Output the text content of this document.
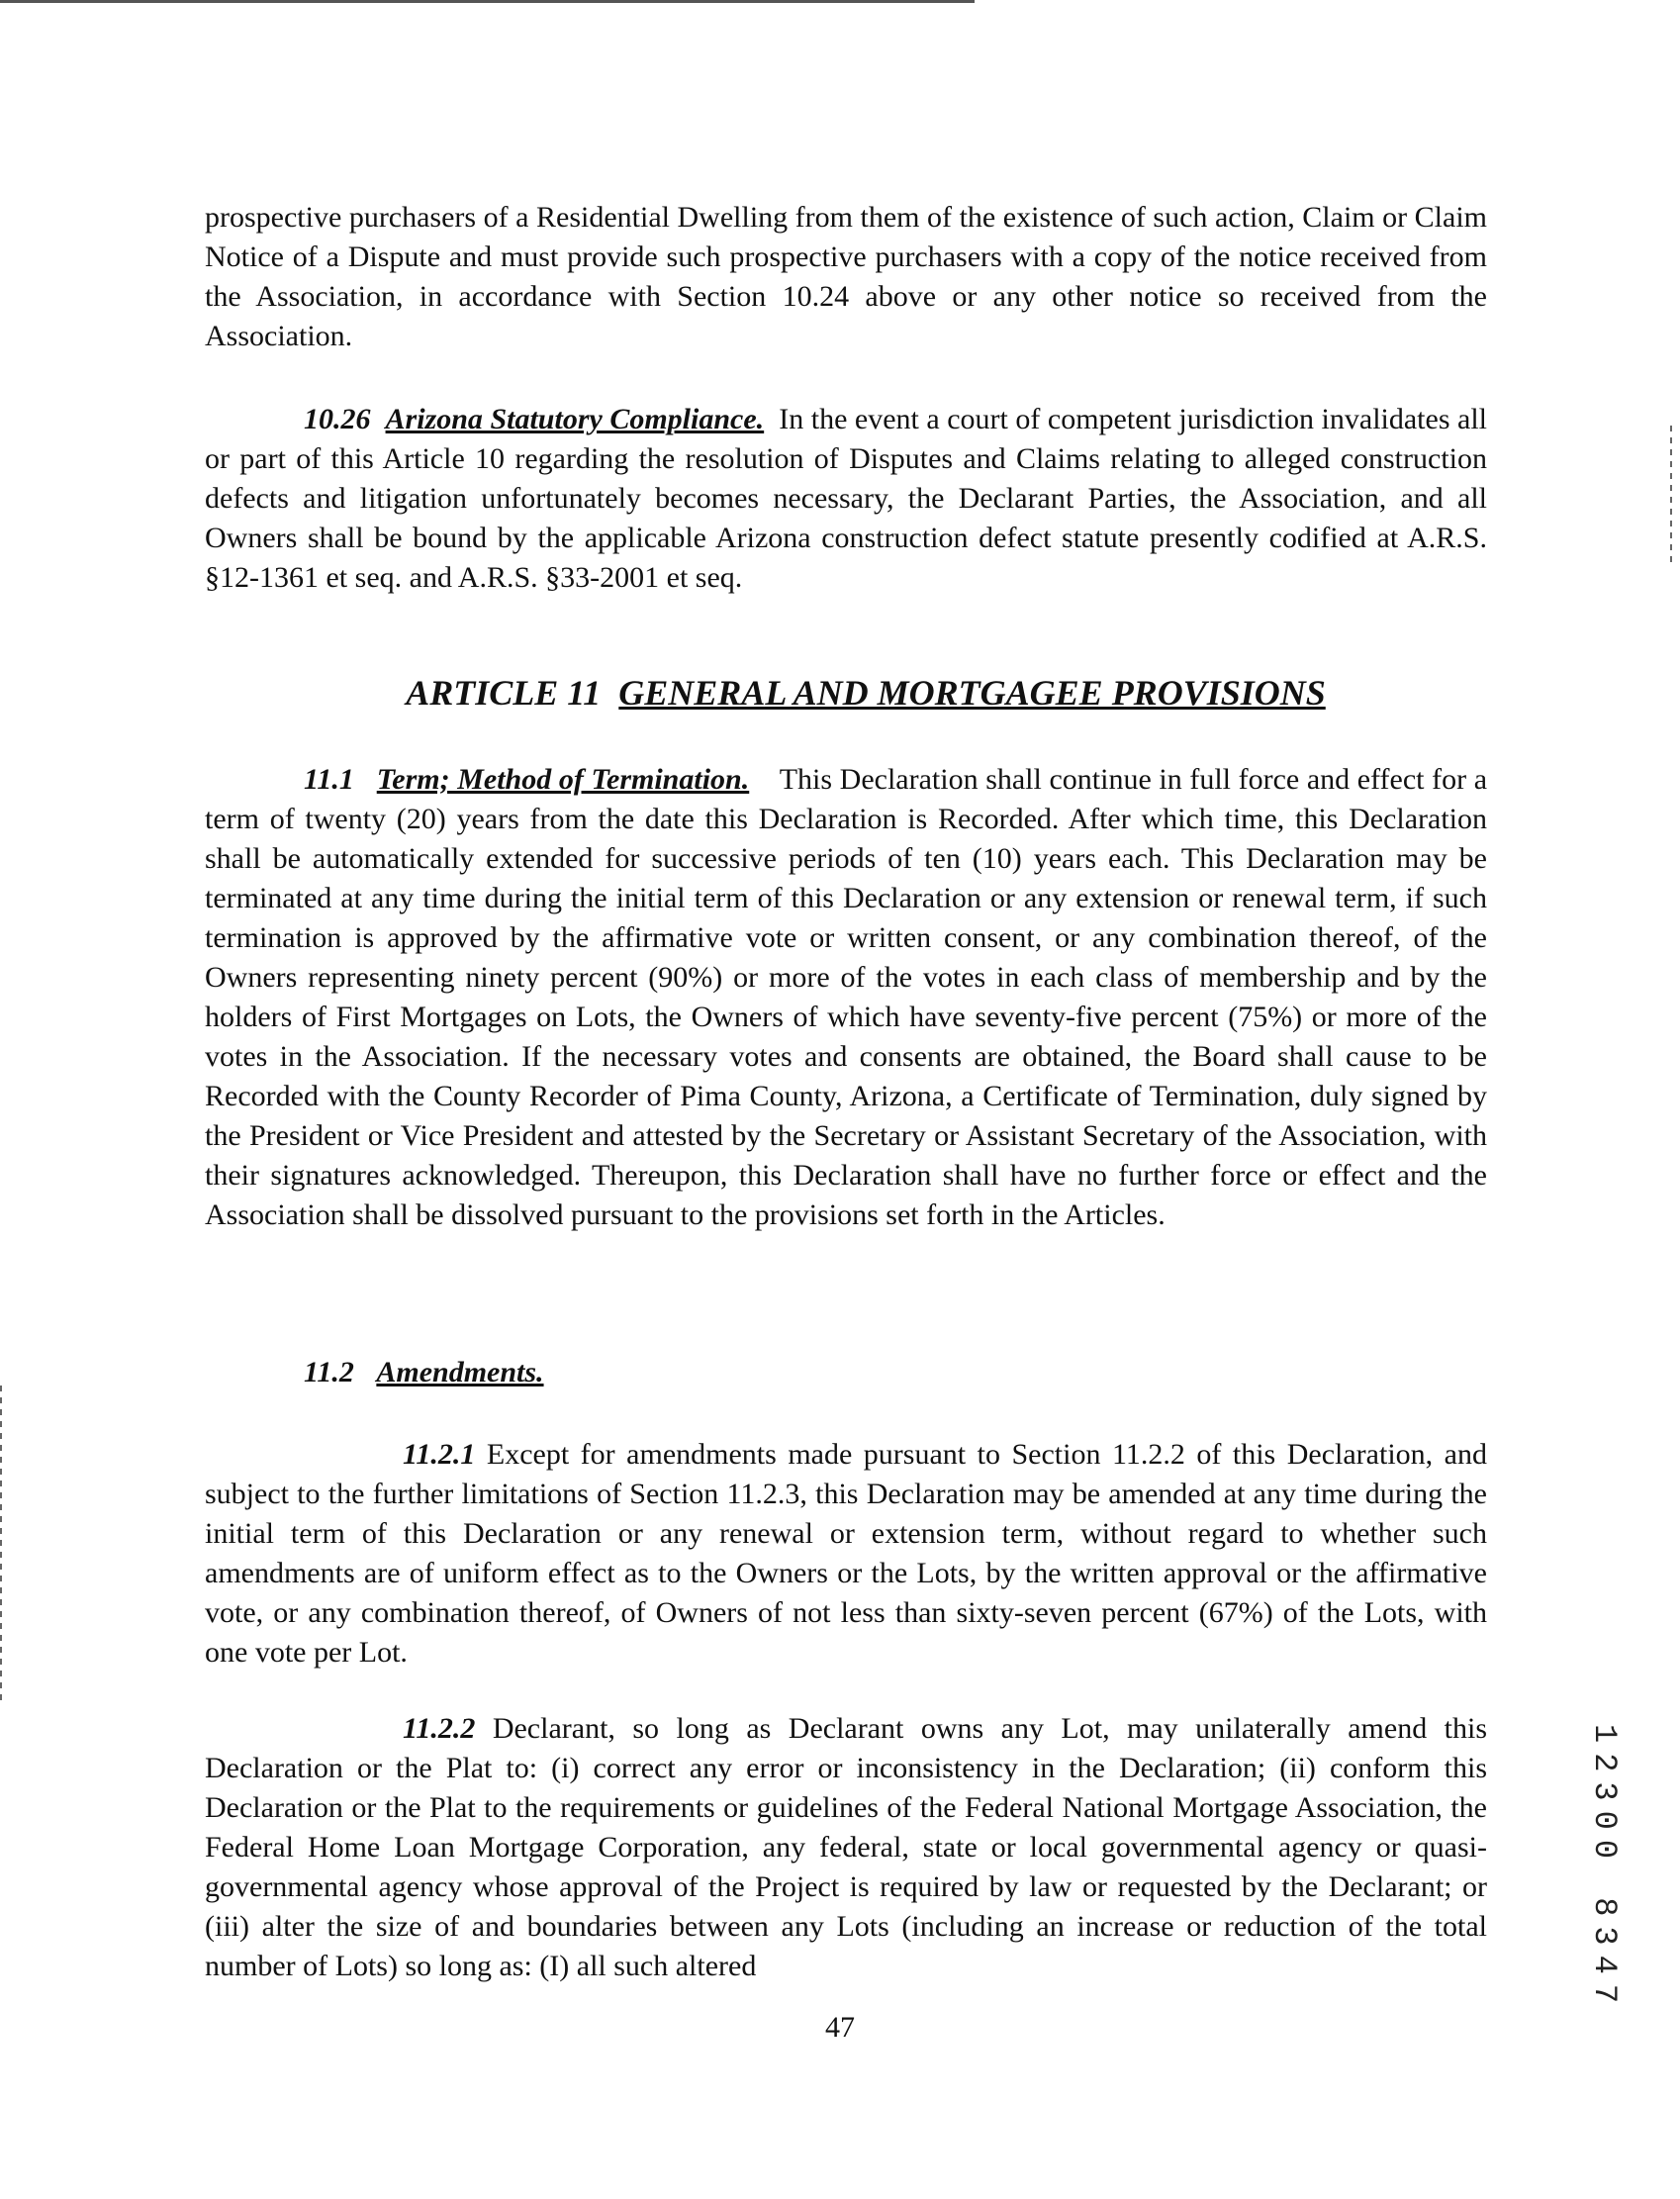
prospective purchasers of a Residential Dwelling from them of the existence of such action, Claim or Claim Notice of a Dispute and must provide such prospective purchasers with a copy of the notice received from the Association, in accordance with Section 10.24 above or any other notice so received from the Association.

10.26 Arizona Statutory Compliance. In the event a court of competent jurisdiction invalidates all or part of this Article 10 regarding the resolution of Disputes and Claims relating to alleged construction defects and litigation unfortunately becomes necessary, the Declarant Parties, the Association, and all Owners shall be bound by the applicable Arizona construction defect statute presently codified at A.R.S. §12-1361 et seq. and A.R.S. §33-2001 et seq.

ARTICLE 11 GENERAL AND MORTGAGEE PROVISIONS

11.1 Term; Method of Termination. This Declaration shall continue in full force and effect for a term of twenty (20) years from the date this Declaration is Recorded. After which time, this Declaration shall be automatically extended for successive periods of ten (10) years each. This Declaration may be terminated at any time during the initial term of this Declaration or any extension or renewal term, if such termination is approved by the affirmative vote or written consent, or any combination thereof, of the Owners representing ninety percent (90%) or more of the votes in each class of membership and by the holders of First Mortgages on Lots, the Owners of which have seventy-five percent (75%) or more of the votes in the Association. If the necessary votes and consents are obtained, the Board shall cause to be Recorded with the County Recorder of Pima County, Arizona, a Certificate of Termination, duly signed by the President or Vice President and attested by the Secretary or Assistant Secretary of the Association, with their signatures acknowledged. Thereupon, this Declaration shall have no further force or effect and the Association shall be dissolved pursuant to the provisions set forth in the Articles.

11.2 Amendments.

11.2.1 Except for amendments made pursuant to Section 11.2.2 of this Declaration, and subject to the further limitations of Section 11.2.3, this Declaration may be amended at any time during the initial term of this Declaration or any renewal or extension term, without regard to whether such amendments are of uniform effect as to the Owners or the Lots, by the written approval or the affirmative vote, or any combination thereof, of Owners of not less than sixty-seven percent (67%) of the Lots, with one vote per Lot.

11.2.2 Declarant, so long as Declarant owns any Lot, may unilaterally amend this Declaration or the Plat to: (i) correct any error or inconsistency in the Declaration; (ii) conform this Declaration or the Plat to the requirements or guidelines of the Federal National Mortgage Association, the Federal Home Loan Mortgage Corporation, any federal, state or local governmental agency or quasi-governmental agency whose approval of the Project is required by law or requested by the Declarant; or (iii) alter the size of and boundaries between any Lots (including an increase or reduction of the total number of Lots) so long as: (I) all such altered

47
12300 8347
